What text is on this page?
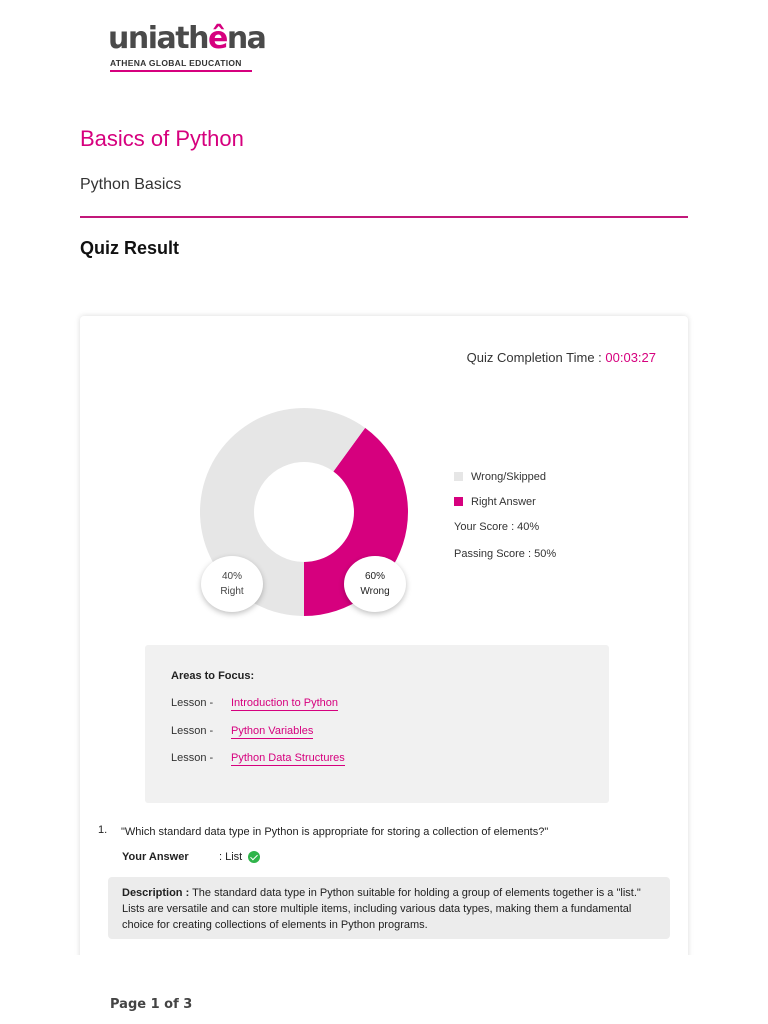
uniathêna
ATHENA GLOBAL EDUCATION
Basics of Python
Python Basics
Quiz Result
Quiz Completion Time : 00:03:27
40%
Right
60%
Wrong
Wrong/Skipped
Right Answer
Your Score : 40%
Passing Score : 50%
Areas to Focus:
Lesson - Introduction to Python
Lesson - Python Variables
Lesson - Python Data Structures
1. "Which standard data type in Python is appropriate for storing a collection of elements?"
Your Answer	: List
Description : The standard data type in Python suitable for holding a group of elements together is a "list." Lists are versatile and can store multiple items, including various data types, making them a fundamental choice for creating collections of elements in Python programs.
Page 1 of 3
